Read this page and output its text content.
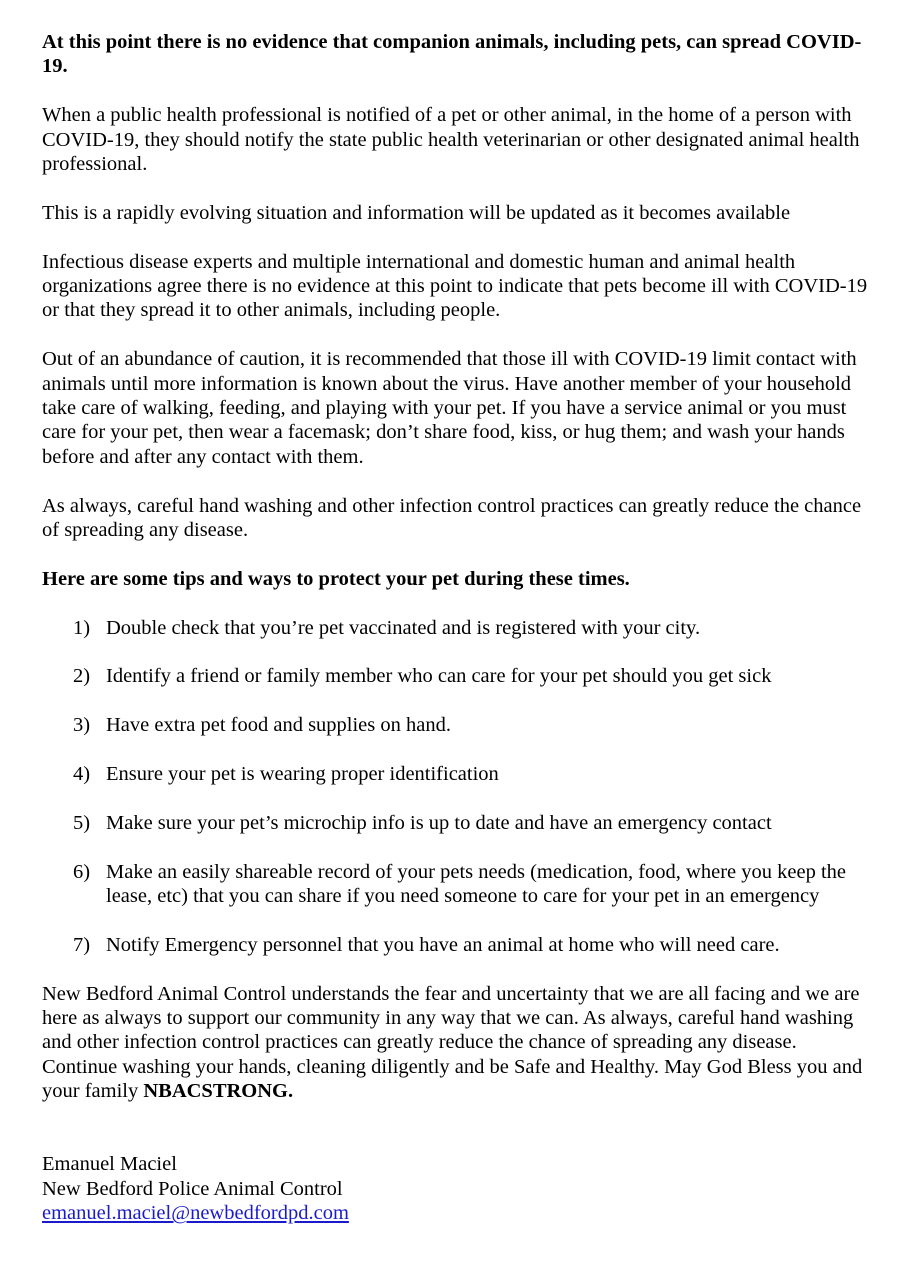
At this point there is no evidence that companion animals, including pets, can spread COVID-19.

When a public health professional is notified of a pet or other animal, in the home of a person with COVID-19, they should notify the state public health veterinarian or other designated animal health professional.

This is a rapidly evolving situation and information will be updated as it becomes available

Infectious disease experts and multiple international and domestic human and animal health organizations agree there is no evidence at this point to indicate that pets become ill with COVID-19 or that they spread it to other animals, including people.

Out of an abundance of caution, it is recommended that those ill with COVID-19 limit contact with animals until more information is known about the virus. Have another member of your household take care of walking, feeding, and playing with your pet. If you have a service animal or you must care for your pet, then wear a facemask; don’t share food, kiss, or hug them; and wash your hands before and after any contact with them.

As always, careful hand washing and other infection control practices can greatly reduce the chance of spreading any disease.

Here are some tips and ways to protect your pet during these times.

1) Double check that you’re pet vaccinated and is registered with your city.
2) Identify a friend or family member who can care for your pet should you get sick
3) Have extra pet food and supplies on hand.
4) Ensure your pet is wearing proper identification
5) Make sure your pet’s microchip info is up to date and have an emergency contact
6) Make an easily shareable record of your pets needs (medication, food, where you keep the lease, etc) that you can share if you need someone to care for your pet in an emergency
7) Notify Emergency personnel that you have an animal at home who will need care.

New Bedford Animal Control understands the fear and uncertainty that we are all facing and we are here as always to support our community in any way that we can. As always, careful hand washing and other infection control practices can greatly reduce the chance of spreading any disease. Continue washing your hands, cleaning diligently and be Safe and Healthy. May God Bless you and your family NBACSTRONG.

Emanuel Maciel
New Bedford Police Animal Control
emanuel.maciel@newbedfordpd.com
